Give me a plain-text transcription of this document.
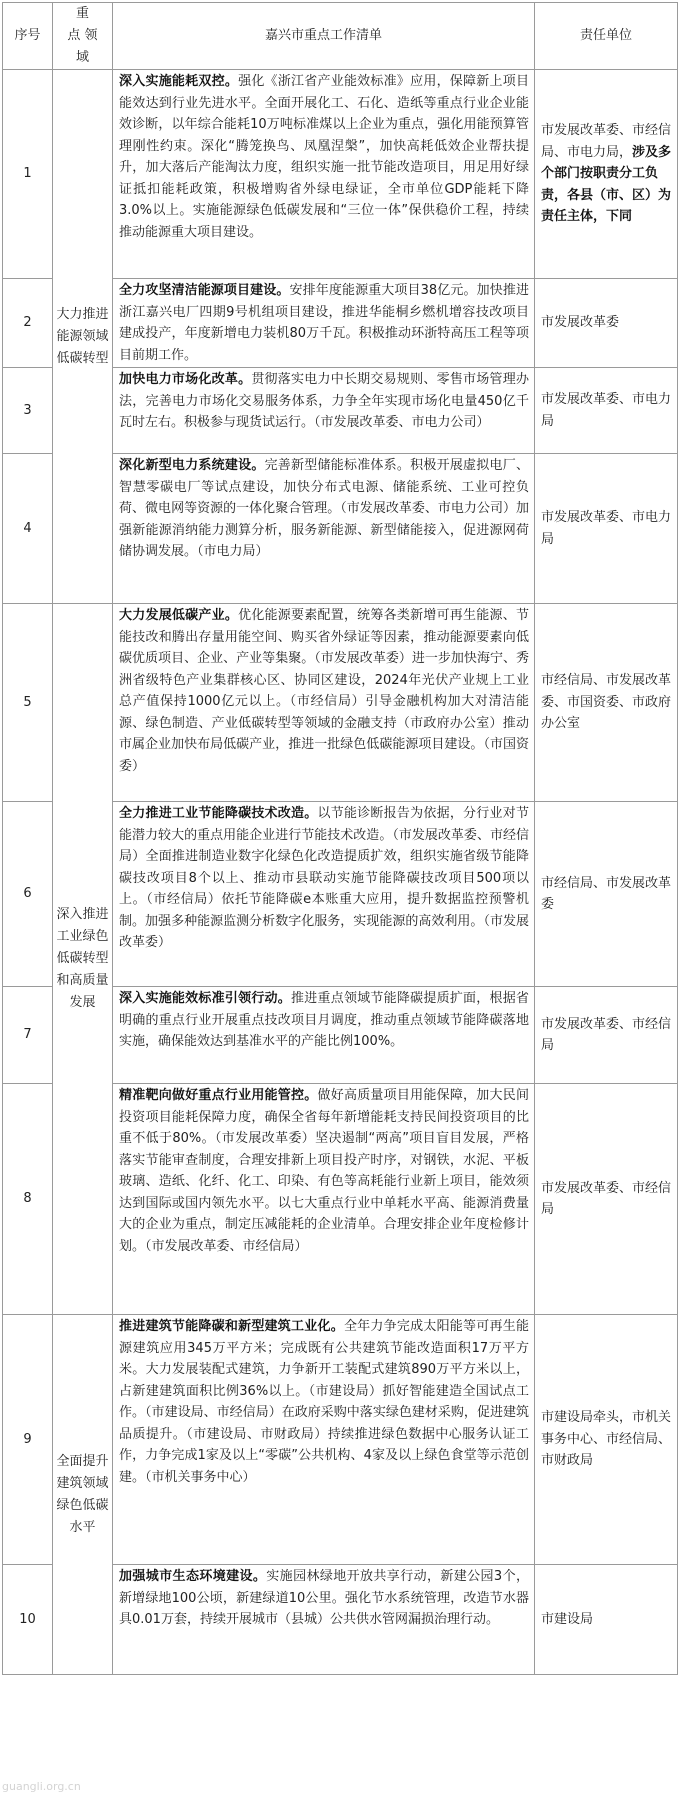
序号	重
点 领
域	嘉兴市重点工作清单	责任单位
1	大力推进能源领域低碳转型	深入实施能耗双控。强化《浙江省产业能效标准》应用，保障新上项目能效达到行业先进水平。全面开展化工、石化、造纸等重点行业企业能效诊断，以年综合能耗10万吨标准煤以上企业为重点，强化用能预算管理刚性约束。深化“腾笼换鸟、凤凰涅槃”，加快高耗低效企业帮扶提升，加大落后产能淘汰力度，组织实施一批节能改造项目，用足用好绿证抵扣能耗政策，积极增购省外绿电绿证，全市单位GDP能耗下降3.0%以上。实施能源绿色低碳发展和“三位一体”保供稳价工程，持续推动能源重大项目建设。	市发展改革委、市经信局、市电力局，涉及多个部门按职责分工负责，各县（市、区）为责任主体，下同
2		全力攻坚清洁能源项目建设。安排年度能源重大项目38亿元。加快推进浙江嘉兴电厂四期9号机组项目建设，推进华能桐乡燃机增容技改项目建成投产，年度新增电力装机80万千瓦。积极推动环浙特高压工程等项目前期工作。	市发展改革委
3		加快电力市场化改革。贯彻落实电力中长期交易规则、零售市场管理办法，完善电力市场化交易服务体系，力争全年实现市场化电量450亿千瓦时左右。积极参与现货试运行。（市发展改革委、市电力公司）	市发展改革委、市电力局
4		深化新型电力系统建设。完善新型储能标准体系。积极开展虚拟电厂、智慧零碳电厂等试点建设，加快分布式电源、储能系统、工业可控负荷、微电网等资源的一体化聚合管理。（市发展改革委、市电力公司）加强新能源消纳能力测算分析，服务新能源、新型储能接入，促进源网荷储协调发展。（市电力局）	市发展改革委、市电力局
5	深入推进工业绿色低碳转型和高质量发展	大力发展低碳产业。优化能源要素配置，统筹各类新增可再生能源、节能技改和腾出存量用能空间、购买省外绿证等因素，推动能源要素向低碳优质项目、企业、产业等集聚。（市发展改革委）进一步加快海宁、秀洲省级特色产业集群核心区、协同区建设，2024年光伏产业规上工业总产值保持1000亿元以上。（市经信局）引导金融机构加大对清洁能源、绿色制造、产业低碳转型等领域的金融支持（市政府办公室）推动市属企业加快布局低碳产业，推进一批绿色低碳能源项目建设。（市国资委）	市经信局、市发展改革委、市国资委、市政府办公室
6		全力推进工业节能降碳技术改造。以节能诊断报告为依据，分行业对节能潜力较大的重点用能企业进行节能技术改造。（市发展改革委、市经信局）全面推进制造业数字化绿色化改造提质扩效，组织实施省级节能降碳技改项目8个以上、推动市县联动实施节能降碳技改项目500项以上。（市经信局）依托节能降碳e本账重大应用，提升数据监控预警机制。加强多种能源监测分析数字化服务，实现能源的高效利用。（市发展改革委）	市经信局、市发展改革委
7		深入实施能效标准引领行动。推进重点领域节能降碳提质扩面，根据省明确的重点行业开展重点技改项目月调度，推动重点领域节能降碳落地实施，确保能效达到基准水平的产能比例100%。	市发展改革委、市经信局
8		精准靶向做好重点行业用能管控。做好高质量项目用能保障，加大民间投资项目能耗保障力度，确保全省每年新增能耗支持民间投资项目的比重不低于80%。（市发展改革委）坚决遏制“两高”项目盲目发展，严格落实节能审查制度，合理安排新上项目投产时序，对钢铁，水泥、平板玻璃、造纸、化纤、化工、印染、有色等高耗能行业新上项目，能效须达到国际或国内领先水平。以七大重点行业中单耗水平高、能源消费量大的企业为重点，制定压减能耗的企业清单。合理安排企业年度检修计划。（市发展改革委、市经信局）	市发展改革委、市经信局
9	全面提升建筑领域绿色低碳水平	推进建筑节能降碳和新型建筑工业化。全年力争完成太阳能等可再生能源建筑应用345万平方米；完成既有公共建筑节能改造面积17万平方米。大力发展装配式建筑，力争新开工装配式建筑890万平方米以上，占新建建筑面积比例36%以上。（市建设局）抓好智能建造全国试点工作。（市建设局、市经信局）在政府采购中落实绿色建材采购，促进建筑品质提升。（市建设局、市财政局）持续推进绿色数据中心服务认证工作，力争完成1家及以上“零碳”公共机构、4家及以上绿色食堂等示范创建。（市机关事务中心）	市建设局牵头，市机关事务中心、市经信局、市财政局
10		加强城市生态环境建设。实施园林绿地开放共享行动，新建公园3个，新增绿地100公顷，新建绿道10公里。强化节水系统管理，改造节水器具0.01万套，持续开展城市（县城）公共供水管网漏损治理行动。	市建设局
guangli.org.cn
